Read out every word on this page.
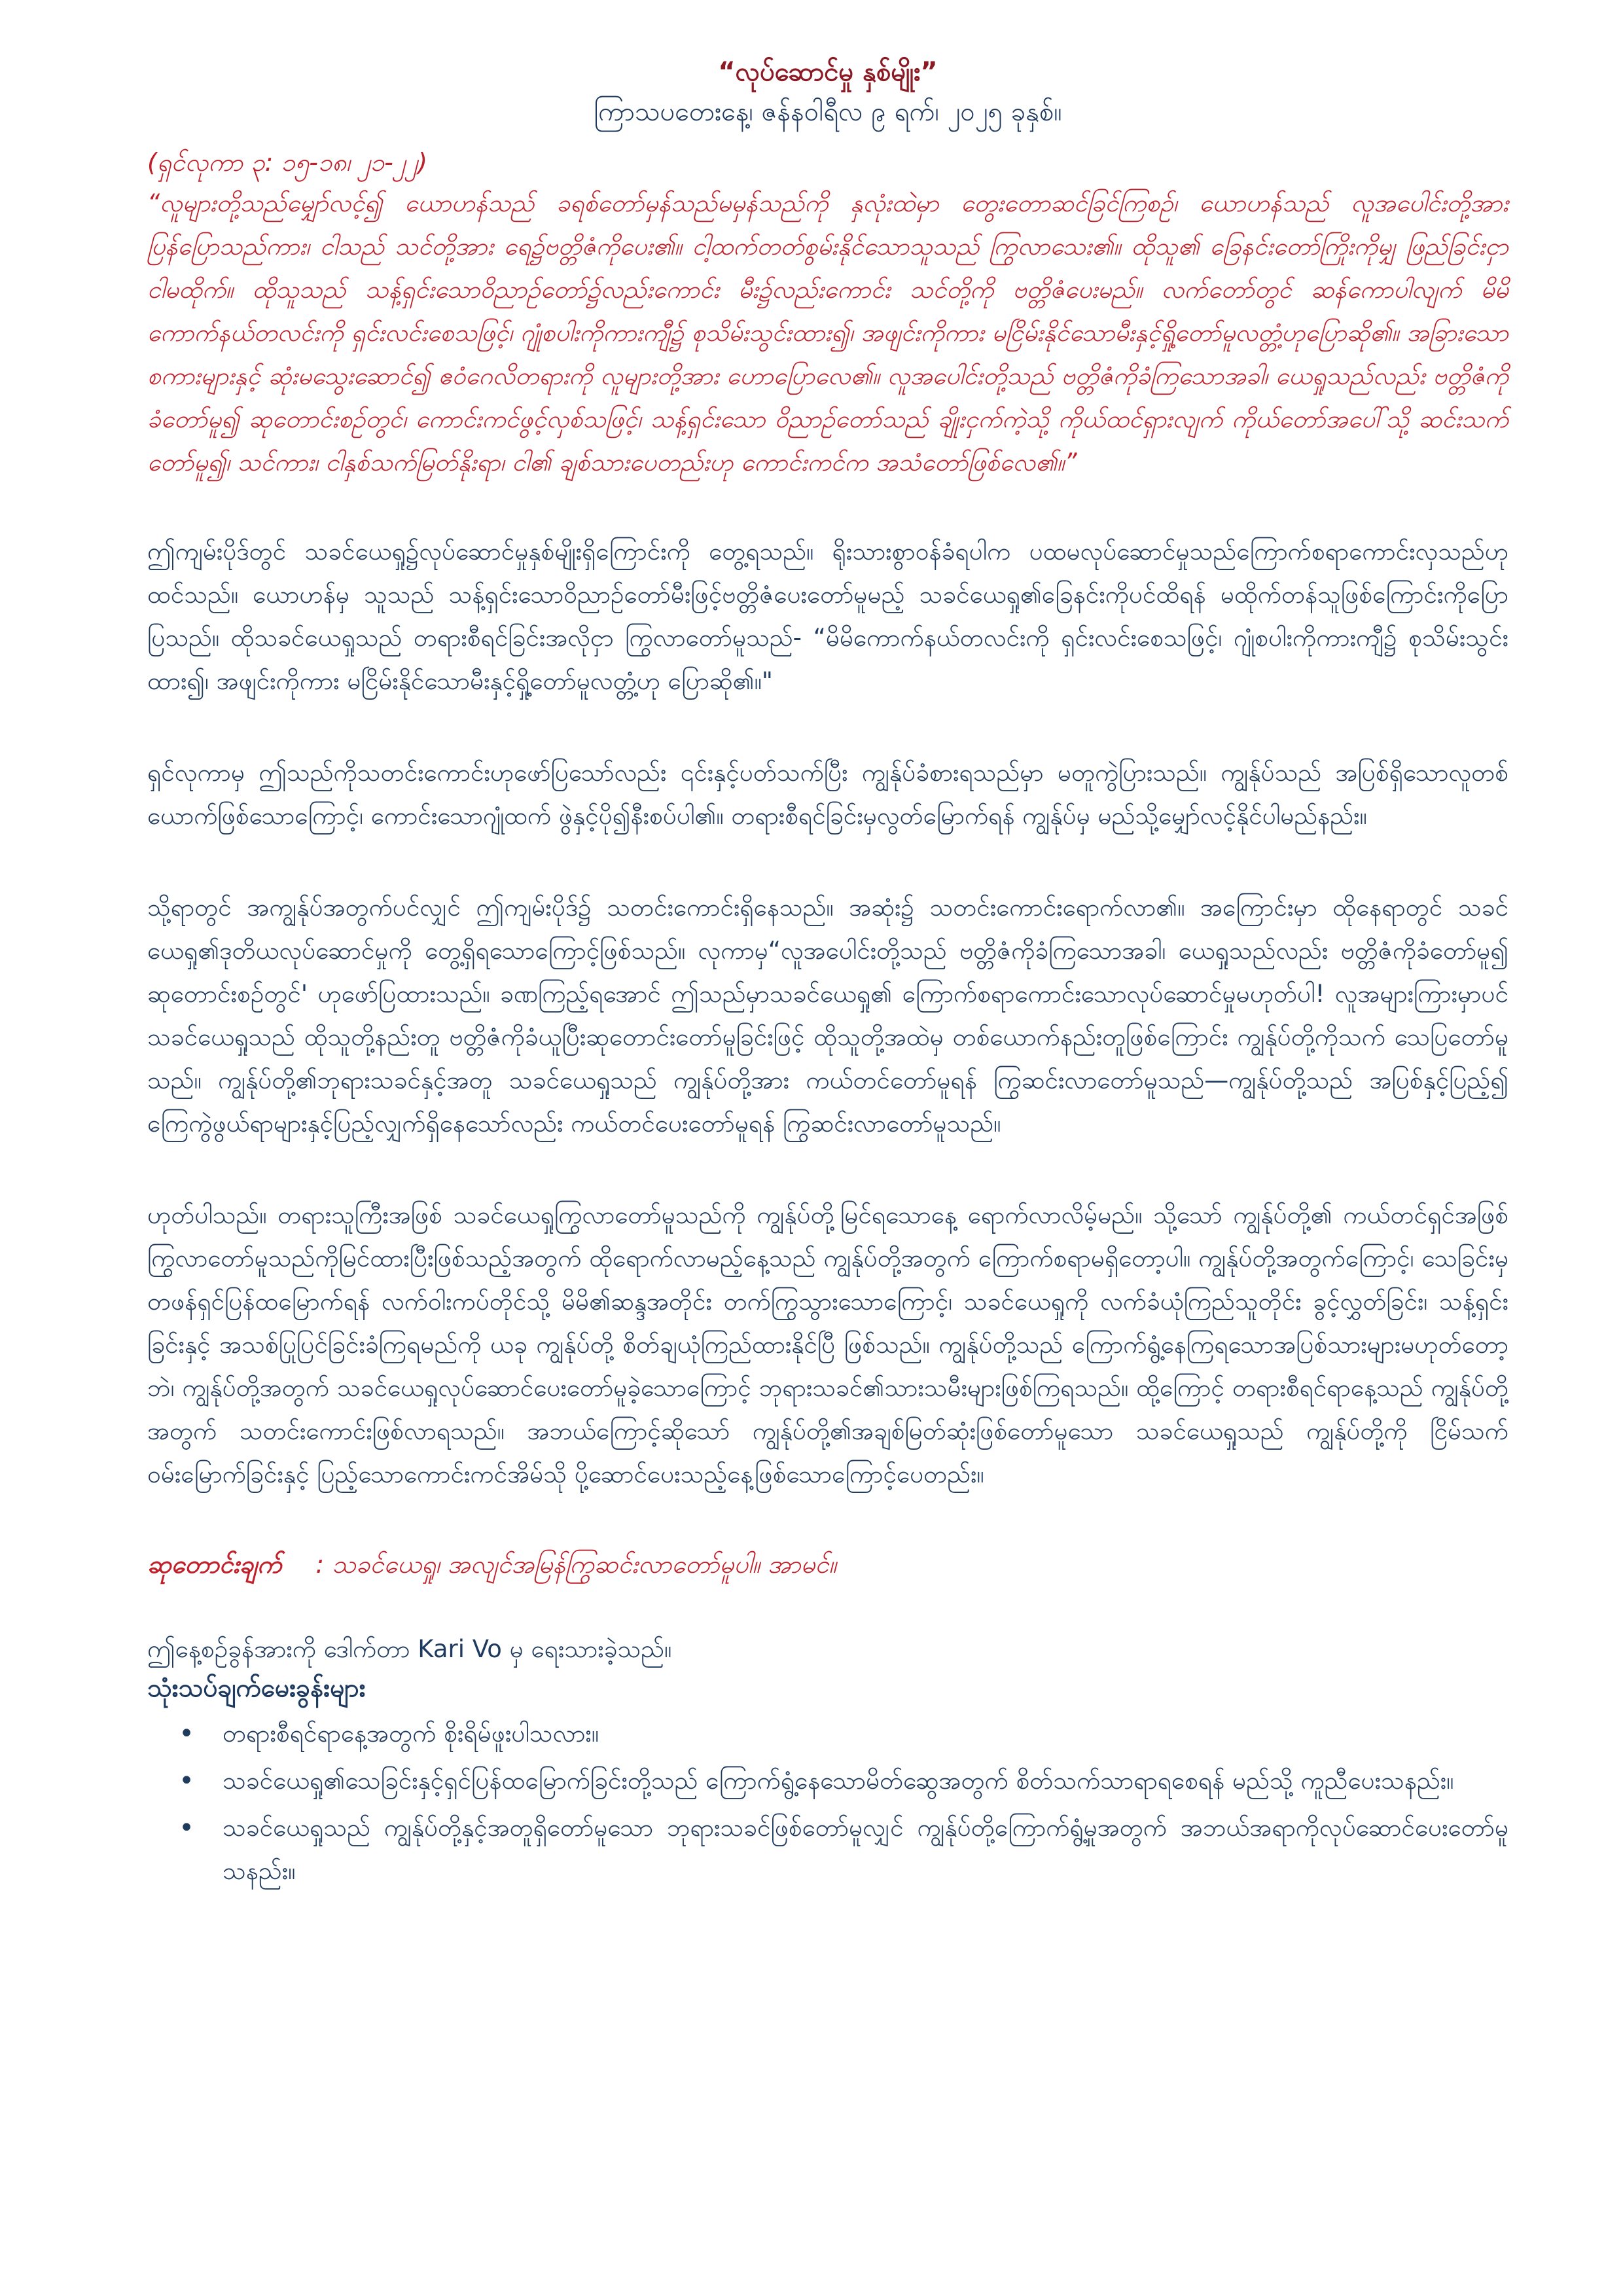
“လုပ်ဆောင်မှု နှစ်မျိုး”

ကြာသပတေးနေ့၊ ဇန်နဝါရီလ ၉ ရက်၊ ၂၀၂၅ ခုနှစ်။

(ရှင်လုကာ ၃: ၁၅-၁၈၊ ၂၁-၂၂)

“လူများတို့သည်မျှော်လင့်၍ ယောဟန်သည် ခရစ်တော်မှန်သည်မမှန်သည်ကို နှလုံးထဲမှာ တွေးတောဆင်ခြင်ကြစဉ်၊ ယောဟန်သည် လူအပေါင်းတို့အား ပြန်ပြောသည်ကား၊ ငါသည် သင်တို့အား ရေ၌ဗတ္တိဇံကိုပေး၏။ ငါ့ထက်တတ်စွမ်းနိုင်သောသူသည် ကြွလာသေး၏။ ထိုသူ၏ ခြေနင်းတော်ကြိုးကိုမျှ ဖြည်ခြင်းငှာ ငါမထိုက်။ ထိုသူသည် သန့်ရှင်းသောဝိညာဉ်တော်၌လည်းကောင်း မီး၌လည်းကောင်း သင်တို့ကို ဗတ္တိဇံပေးမည်။ လက်တော်တွင် ဆန်ကောပါလျက် မိမိကောက်နယ်တလင်းကို ရှင်းလင်းစေသဖြင့်၊ ဂျုံစပါးကိုကားကျီ၌ စုသိမ်းသွင်းထား၍၊ အဖျင်းကိုကား မငြိမ်းနိုင်သောမီးနှင့်ရှို့တော်မူလတ္တံ့ဟုပြောဆို၏။ အခြားသောစကားများနှင့် ဆုံးမသွေးဆောင်၍ ဧဝံဂေလိတရားကို လူများတို့အား ဟောပြောလေ၏။ လူအပေါင်းတို့သည် ဗတ္တိဇံကိုခံကြသောအခါ၊ ယေရှုသည်လည်း ဗတ္တိဇံကိုခံတော်မူ၍ ဆုတောင်းစဉ်တွင်၊ ကောင်းကင်ဖွင့်လှစ်သဖြင့်၊ သန့်ရှင်းသော ဝိညာဉ်တော်သည် ချိုးငှက်ကဲ့သို့ ကိုယ်ထင်ရှားလျက် ကိုယ်တော်အပေါ်သို့ ဆင်းသက်တော်မူ၍၊ သင်ကား၊ ငါနှစ်သက်မြတ်နိုးရာ၊ ငါ၏ ချစ်သားပေတည်းဟု ကောင်းကင်က အသံတော်ဖြစ်လေ၏။”

ဤကျမ်းပိုဒ်တွင် သခင်ယေရှု၌လုပ်ဆောင်မှုနှစ်မျိုးရှိကြောင်းကို တွေ့ရသည်။ ရိုးသားစွာဝန်ခံရပါက ပထမလုပ်ဆောင်မှုသည်ကြောက်စရာကောင်းလှသည်ဟု ထင်သည်။ ယောဟန်မှ သူသည် သန့်ရှင်းသောဝိညာဉ်တော်မီးဖြင့်ဗတ္တိဇံပေးတော်မူမည့် သခင်ယေရှု၏ခြေနင်းကိုပင်ထိရန် မထိုက်တန်သူဖြစ်ကြောင်းကိုပြောပြသည်။ ထိုသခင်ယေရှုသည် တရားစီရင်ခြင်းအလိုငှာ ကြွလာတော်မူသည်- “မိမိကောက်နယ်တလင်းကို ရှင်းလင်းစေသဖြင့်၊ ဂျုံစပါးကိုကားကျီ၌ စုသိမ်းသွင်းထား၍၊ အဖျင်းကိုကား မငြိမ်းနိုင်သောမီးနှင့်ရှို့တော်မူလတ္တံ့ဟု ပြောဆို၏။"

ရှင်လုကာမှ ဤသည်ကိုသတင်းကောင်းဟုဖော်ပြသော်လည်း ၎င်းနှင့်ပတ်သက်ပြီး ကျွန်ုပ်ခံစားရသည်မှာ မတူကွဲပြားသည်။ ကျွန်ုပ်သည် အပြစ်ရှိသောလူတစ်ယောက်ဖြစ်သောကြောင့်၊ ကောင်းသောဂျုံထက် ဖွဲနှင့်ပို၍နီးစပ်ပါ၏။ တရားစီရင်ခြင်းမှလွတ်မြောက်ရန် ကျွန်ုပ်မှ မည်သို့မျှော်လင့်နိုင်ပါမည်နည်း။

သို့ရာတွင် အကျွန်ုပ်အတွက်ပင်လျှင် ဤကျမ်းပိုဒ်၌ သတင်းကောင်းရှိနေသည်။ အဆုံး၌ သတင်းကောင်းရောက်လာ၏။ အကြောင်းမှာ ထိုနေရာတွင် သခင်ယေရှု၏ဒုတိယလုပ်ဆောင်မှုကို တွေ့ရှိရသောကြောင့်ဖြစ်သည်။ လုကာမှ“လူအပေါင်းတို့သည် ဗတ္တိဇံကိုခံကြသောအခါ၊ ယေရှုသည်လည်း ဗတ္တိဇံကိုခံတော်မူ၍ ဆုတောင်းစဉ်တွင်' ဟုဖော်ပြထားသည်။ ခဏကြည့်ရအောင် ဤသည်မှာသခင်ယေရှု၏ ကြောက်စရာကောင်းသောလုပ်ဆောင်မှုမဟုတ်ပါ! လူအများကြားမှာပင် သခင်ယေရှုသည် ထိုသူတို့နည်းတူ ဗတ္တိဇံကိုခံယူပြီးဆုတောင်းတော်မူခြင်းဖြင့် ထိုသူတို့အထဲမှ တစ်ယောက်နည်းတူဖြစ်ကြောင်း ကျွန်ုပ်တို့ကိုသက် သေပြတော်မူသည်။ ကျွန်ုပ်တို့၏ဘုရားသခင်နှင့်အတူ သခင်ယေရှုသည် ကျွန်ုပ်တို့အား ကယ်တင်တော်မူရန် ကြွဆင်းလာတော်မူသည်—ကျွန်ုပ်တို့သည် အပြစ်နှင့်ပြည့်၍ ကြေကွဲဖွယ်ရာများနှင့်ပြည့်လျှက်ရှိနေသော်လည်း ကယ်တင်ပေးတော်မူရန် ကြွဆင်းလာတော်မူသည်။

ဟုတ်ပါသည်။ တရားသူကြီးအဖြစ် သခင်ယေရှုကြွလာတော်မူသည်ကို ကျွန်ုပ်တို့မြင်ရသောနေ့ ရောက်လာလိမ့်မည်။ သို့သော် ကျွန်ုပ်တို့၏ ကယ်တင်ရှင်အဖြစ် ကြွလာတော်မူသည်ကိုမြင်ထားပြီးဖြစ်သည့်အတွက် ထိုရောက်လာမည့်နေ့သည် ကျွန်ုပ်တို့အတွက် ကြောက်စရာမရှိတော့ပါ။ ကျွန်ုပ်တို့အတွက်ကြောင့်၊ သေခြင်းမှတဖန်ရှင်ပြန်ထမြောက်ရန် လက်ဝါးကပ်တိုင်သို့ မိမိ၏ဆန္ဒအတိုင်း တက်ကြွသွားသောကြောင့်၊ သခင်ယေရှုကို လက်ခံယုံကြည်သူတိုင်း ခွင့်လွှတ်ခြင်း၊ သန့်ရှင်းခြင်းနှင့် အသစ်ပြုပြင်ခြင်းခံကြရမည်ကို ယခု ကျွန်ုပ်တို့ စိတ်ချယုံကြည်ထားနိုင်ပြီ ဖြစ်သည်။ ကျွန်ုပ်တို့သည် ကြောက်ရွံ့နေကြရသောအပြစ်သားများမဟုတ်တော့ဘဲ၊ ကျွန်ုပ်တို့အတွက် သခင်ယေရှုလုပ်ဆောင်ပေးတော်မူခဲ့သောကြောင့် ဘုရားသခင်၏သားသမီးများဖြစ်ကြရသည်။ ထို့ကြောင့် တရားစီရင်ရာနေ့သည် ကျွန်ုပ်တို့အတွက် သတင်းကောင်းဖြစ်လာရသည်။ အဘယ်ကြောင့်ဆိုသော် ကျွန်ုပ်တို့၏အချစ်မြတ်ဆုံးဖြစ်တော်မူသော သခင်ယေရှုသည် ကျွန်ုပ်တို့ကို ငြိမ်သက်ဝမ်းမြောက်ခြင်းနှင့် ပြည့်သောကောင်းကင်အိမ်သို ပို့ဆောင်ပေးသည့်နေ့ဖြစ်သောကြောင့်ပေတည်း။

ဆုတောင်းချက် : သခင်ယေရှု၊ အလျင်အမြန်ကြွဆင်းလာတော်မူပါ။ အာမင်။

ဤနေ့စဉ်ခွန်အားကို ဒေါက်တာ Kari Vo မှ ရေးသားခဲ့သည်။

သုံးသပ်ချက်မေးခွန်းများ

• တရားစီရင်ရာနေ့အတွက် စိုးရိမ်ဖူးပါသလား။
• သခင်ယေရှု၏သေခြင်းနှင့်ရှင်ပြန်ထမြောက်ခြင်းတို့သည် ကြောက်ရွံ့နေသောမိတ်ဆွေအတွက် စိတ်သက်သာရာရစေရန် မည်သို့ ကူညီပေးသနည်း။
• သခင်ယေရှုသည် ကျွန်ုပ်တို့နှင့်အတူရှိတော်မူသော ဘုရားသခင်ဖြစ်တော်မူလျှင် ကျွန်ုပ်တို့ကြောက်ရွံ့မှုအတွက် အဘယ်အရာကိုလုပ်ဆောင်ပေးတော်မူသနည်း။
